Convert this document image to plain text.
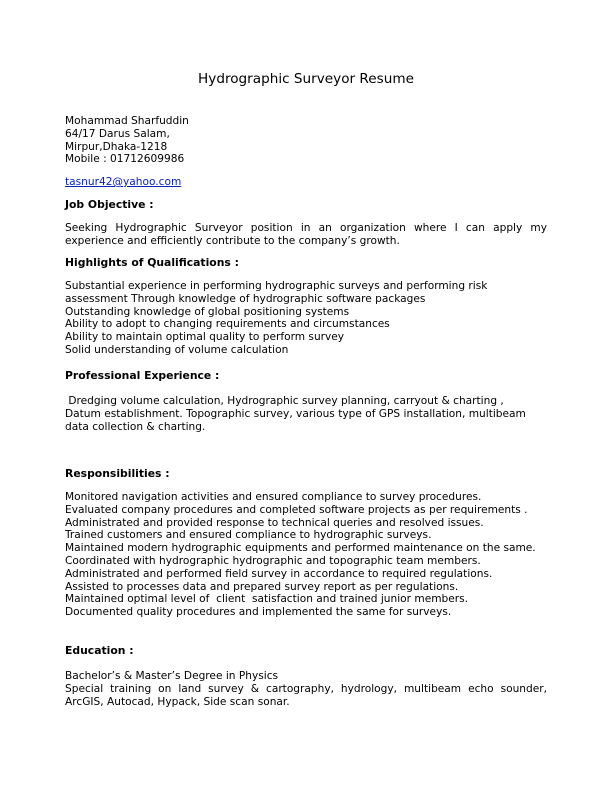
Hydrographic Surveyor Resume
Mohammad Sharfuddin
64/17 Darus Salam,
Mirpur,Dhaka-1218
Mobile : 01712609986
tasnur42@yahoo.com
Job Objective :
Seeking Hydrographic Surveyor position in an organization where I can apply my experience and efficiently contribute to the company’s growth.
Highlights of Qualifications :
Substantial experience in performing hydrographic surveys and performing risk
assessment Through knowledge of hydrographic software packages
Outstanding knowledge of global positioning systems
Ability to adopt to changing requirements and circumstances
Ability to maintain optimal quality to perform survey
Solid understanding of volume calculation
Professional Experience :
Dredging volume calculation, Hydrographic survey planning, carryout & charting ,
Datum establishment. Topographic survey, various type of GPS installation, multibeam
data collection & charting.
Responsibilities :
Monitored navigation activities and ensured compliance to survey procedures.
Evaluated company procedures and completed software projects as per requirements .
Administrated and provided response to technical queries and resolved issues.
Trained customers and ensured compliance to hydrographic surveys.
Maintained modern hydrographic equipments and performed maintenance on the same.
Coordinated with hydrographic hydrographic and topographic team members.
Administrated and performed field survey in accordance to required regulations.
Assisted to processes data and prepared survey report as per regulations.
Maintained optimal level of  client  satisfaction and trained junior members.
Documented quality procedures and implemented the same for surveys.
Education :
Bachelor’s & Master’s Degree in Physics
Special training on land survey & cartography, hydrology, multibeam echo sounder, ArcGIS, Autocad, Hypack, Side scan sonar.
